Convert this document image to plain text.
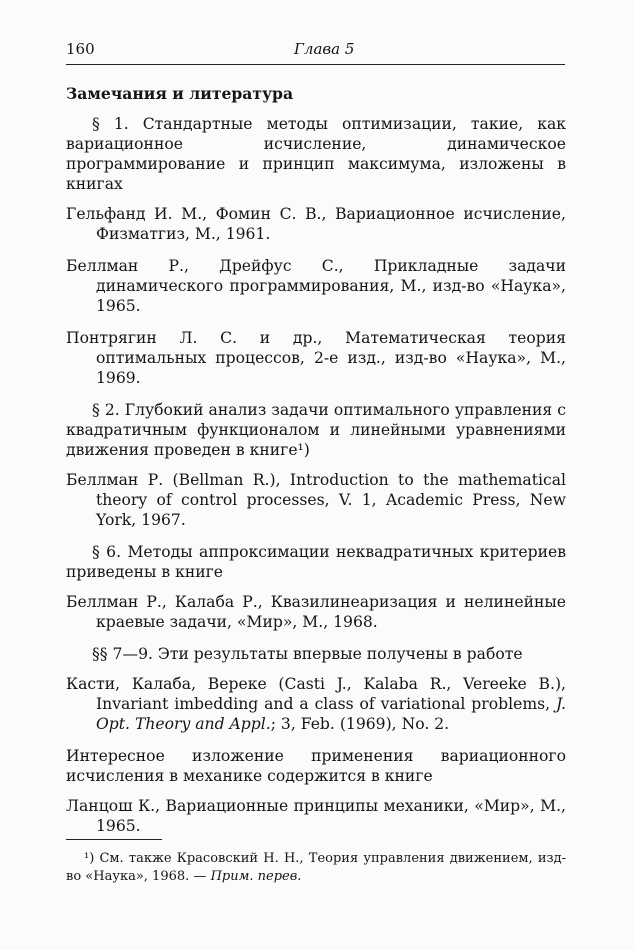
160	Глава 5
Замечания и литература

§ 1. Стандартные методы оптимизации, такие, как вариационное исчисление, динамическое программирование и принцип максимума, изложены в книгах

Гельфанд И. М., Фомин С. В., Вариационное исчисление, Физматгиз, М., 1961.

Беллман Р., Дрейфус С., Прикладные задачи динамического программирования, М., изд-во «Наука», 1965.

Понтрягин Л. С. и др., Математическая теория оптимальных процессов, 2-е изд., изд-во «Наука», М., 1969.

§ 2. Глубокий анализ задачи оптимального управления с квадратичным функционалом и линейными уравнениями движения проведен в книге¹)

Беллман Р. (Bellman R.), Introduction to the mathematical theory of control processes, V. 1, Academic Press, New York, 1967.

§ 6. Методы аппроксимации неквадратичных критериев приведены в книге

Беллман Р., Калаба Р., Квазилинеаризация и нелинейные краевые задачи, «Мир», М., 1968.

§§ 7—9. Эти результаты впервые получены в работе

Касти, Калаба, Вереке (Casti J., Kalaba R., Vereeke B.), Invariant imbedding and a class of variational problems, J. Opt. Theory and Appl.; 3, Feb. (1969), No. 2.

Интересное изложение применения вариационного исчисления в механике содержится в книге

Ланцош К., Вариационные принципы механики, «Мир», М., 1965.

¹) См. также Красовский Н. Н., Теория управления движением, изд-во «Наука», 1968. — Прим. перев.
